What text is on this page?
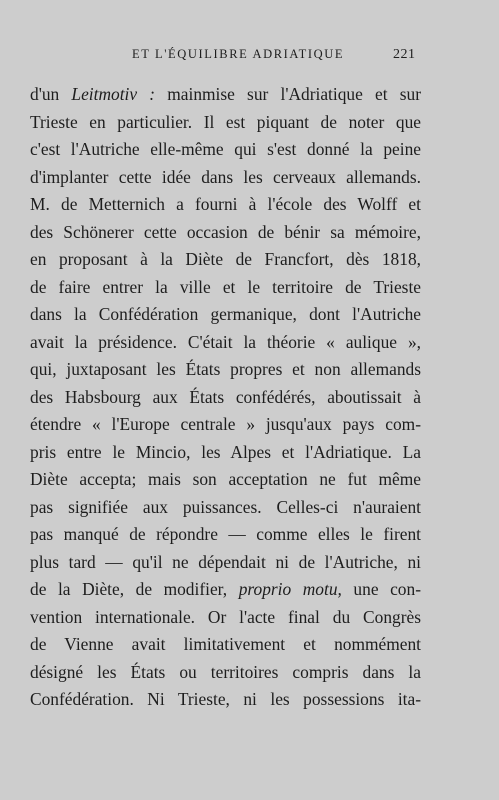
ET L'ÉQUILIBRE ADRIATIQUE	221
d'un Leitmotiv : mainmise sur l'Adriatique et sur
Trieste en particulier. Il est piquant de noter que
c'est l'Autriche elle-même qui s'est donné la peine
d'implanter cette idée dans les cerveaux allemands.
M. de Metternich a fourni à l'école des Wolff et
des Schönerer cette occasion de bénir sa mémoire,
en proposant à la Diète de Francfort, dès 1818,
de faire entrer la ville et le territoire de Trieste
dans la Confédération germanique, dont l'Autriche
avait la présidence. C'était la théorie « aulique »,
qui, juxtaposant les États propres et non allemands
des Habsbourg aux États confédérés, aboutissait à
étendre « l'Europe centrale » jusqu'aux pays com-
pris entre le Mincio, les Alpes et l'Adriatique. La
Diète accepta; mais son acceptation ne fut même
pas signifiée aux puissances. Celles-ci n'auraient
pas manqué de répondre — comme elles le firent
plus tard — qu'il ne dépendait ni de l'Autriche, ni
de la Diète, de modifier, proprio motu, une con-
vention internationale. Or l'acte final du Congrès
de Vienne avait limitativement et nommément
désigné les États ou territoires compris dans la
Confédération. Ni Trieste, ni les possessions ita-
